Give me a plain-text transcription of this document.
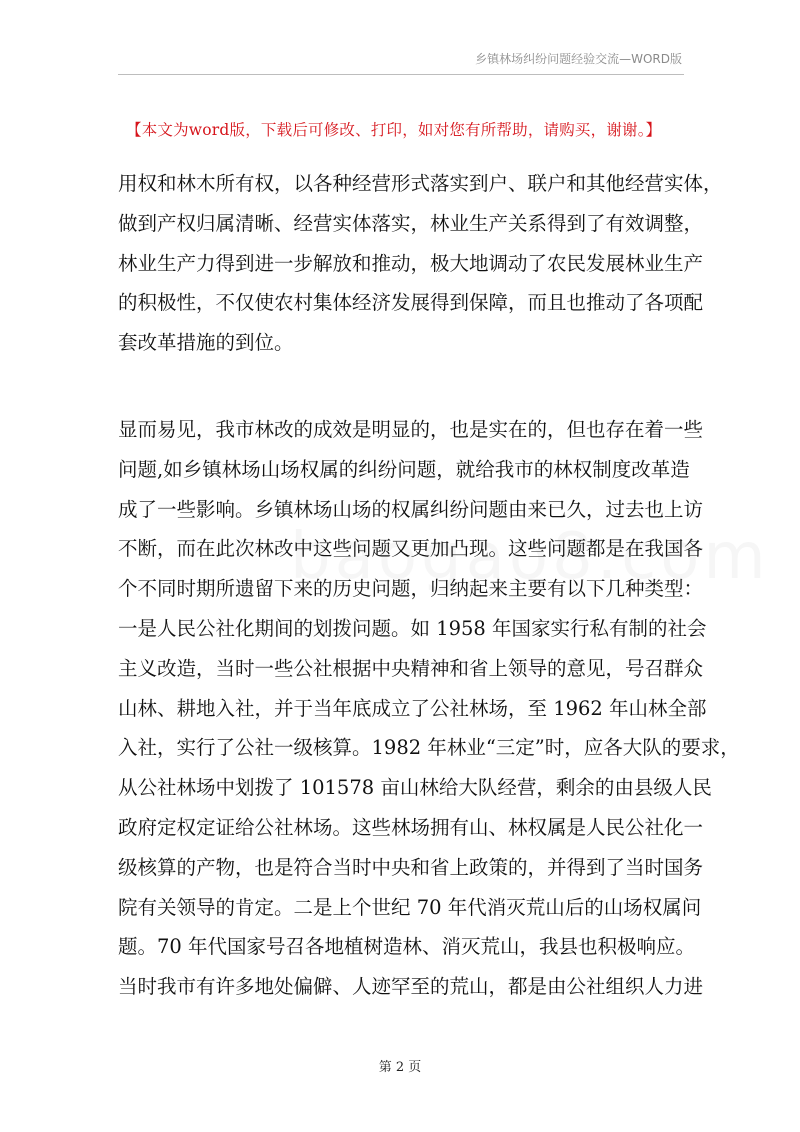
乡镇林场纠纷问题经验交流—WORD版
【本文为word版，下载后可修改、打印，如对您有所帮助，请购买，谢谢。】
用权和林木所有权，以各种经营形式落实到户、联户和其他经营实体，
做到产权归属清晰、经营实体落实，林业生产关系得到了有效调整，
林业生产力得到进一步解放和推动，极大地调动了农民发展林业生产
的积极性，不仅使农村集体经济发展得到保障，而且也推动了各项配
套改革措施的到位。
显而易见，我市林改的成效是明显的，也是实在的，但也存在着一些
问题,如乡镇林场山场权属的纠纷问题，就给我市的林权制度改革造
成了一些影响。乡镇林场山场的权属纠纷问题由来已久，过去也上访
不断，而在此次林改中这些问题又更加凸现。这些问题都是在我国各
个不同时期所遗留下来的历史问题，归纳起来主要有以下几种类型：
一是人民公社化期间的划拨问题。如 1958 年国家实行私有制的社会
主义改造，当时一些公社根据中央精神和省上领导的意见，号召群众
山林、耕地入社，并于当年底成立了公社林场，至 1962 年山林全部
入社，实行了公社一级核算。1982 年林业“三定”时，应各大队的要求，
从公社林场中划拨了 101578 亩山林给大队经营，剩余的由县级人民
政府定权定证给公社林场。这些林场拥有山、林权属是人民公社化一
级核算的产物，也是符合当时中央和省上政策的，并得到了当时国务
院有关领导的肯定。二是上个世纪 70 年代消灭荒山后的山场权属问
题。70 年代国家号召各地植树造林、消灭荒山，我县也积极响应。
当时我市有许多地处偏僻、人迹罕至的荒山，都是由公社组织人力进
第 2 页
